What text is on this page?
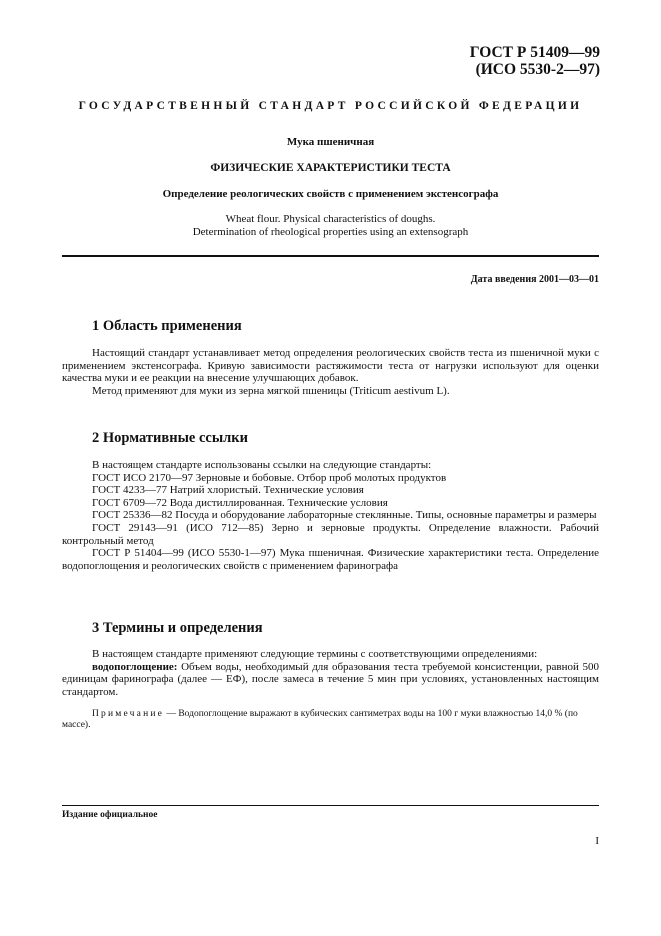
ГОСТ Р 51409—99
(ИСО 5530-2—97)
ГОСУДАРСТВЕННЫЙ СТАНДАРТ РОССИЙСКОЙ ФЕДЕРАЦИИ
Мука пшеничная
ФИЗИЧЕСКИЕ ХАРАКТЕРИСТИКИ ТЕСТА
Определение реологических свойств с применением экстенсографа
Wheat flour. Physical characteristics of doughs.
Determination of rheological properties using an extensograph
Дата введения 2001—03—01
1 Область применения

Настоящий стандарт устанавливает метод определения реологических свойств теста из пшеничной муки с применением экстенсографа. Кривую зависимости растяжимости теста от нагрузки используют для оценки качества муки и ее реакции на внесение улучшающих добавок.

Метод применяют для муки из зерна мягкой пшеницы (Triticum aestivum L).

2 Нормативные ссылки

В настоящем стандарте использованы ссылки на следующие стандарты:

ГОСТ ИСО 2170—97 Зерновые и бобовые. Отбор проб молотых продуктов

ГОСТ 4233—77 Натрий хлористый. Технические условия

ГОСТ 6709—72 Вода дистиллированная. Технические условия

ГОСТ 25336—82 Посуда и оборудование лабораторные стеклянные. Типы, основные параметры и размеры

ГОСТ 29143—91 (ИСО 712—85) Зерно и зерновые продукты. Определение влажности. Рабочий контрольный метод

ГОСТ Р 51404—99 (ИСО 5530-1—97) Мука пшеничная. Физические характеристики теста. Определение водопоглощения и реологических свойств с применением фаринографа

3 Термины и определения

В настоящем стандарте применяют следующие термины с соответствующими определениями:

водопоглощение: Объем воды, необходимый для образования теста требуемой консистенции, равной 500 единицам фаринографа (далее — ЕФ), после замеса в течение 5 мин при условиях, установленных настоящим стандартом.

Примечание — Водопоглощение выражают в кубических сантиметрах воды на 100 г муки влажностью 14,0 % (по массе).

Издание официальное
I
